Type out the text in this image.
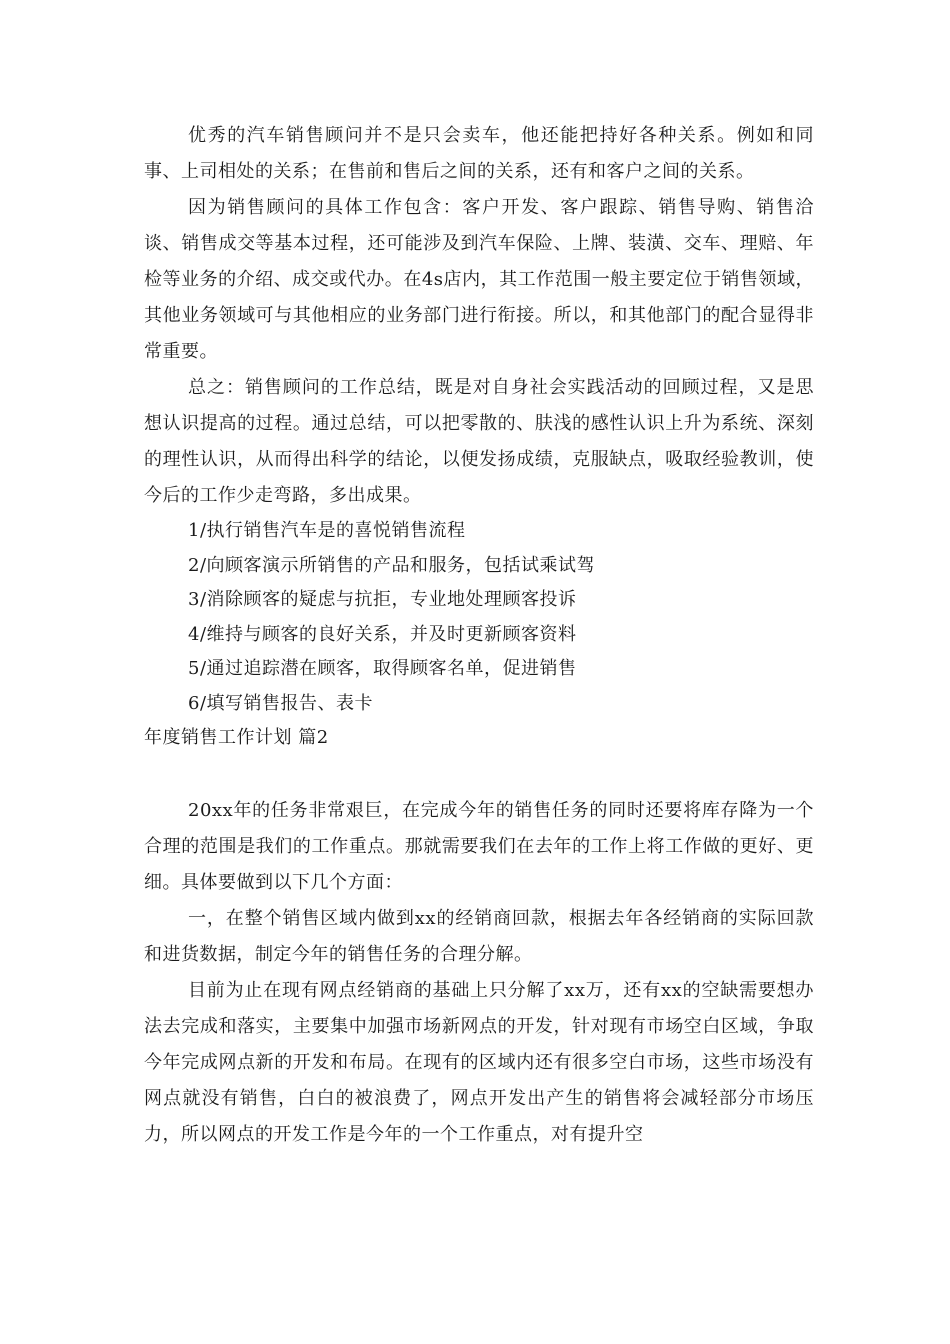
优秀的汽车销售顾问并不是只会卖车，他还能把持好各种关系。例如和同事、上司相处的关系；在售前和售后之间的关系，还有和客户之间的关系。

因为销售顾问的具体工作包含：客户开发、客户跟踪、销售导购、销售洽谈、销售成交等基本过程，还可能涉及到汽车保险、上牌、装潢、交车、理赔、年检等业务的介绍、成交或代办。在4s店内，其工作范围一般主要定位于销售领域，其他业务领域可与其他相应的业务部门进行衔接。所以，和其他部门的配合显得非常重要。

总之：销售顾问的工作总结，既是对自身社会实践活动的回顾过程，又是思想认识提高的过程。通过总结，可以把零散的、肤浅的感性认识上升为系统、深刻的理性认识，从而得出科学的结论，以便发扬成绩，克服缺点，吸取经验教训，使今后的工作少走弯路，多出成果。

1/执行销售汽车是的喜悦销售流程

2/向顾客演示所销售的产品和服务，包括试乘试驾

3/消除顾客的疑虑与抗拒，专业地处理顾客投诉

4/维持与顾客的良好关系，并及时更新顾客资料

5/通过追踪潜在顾客，取得顾客名单，促进销售

6/填写销售报告、表卡

年度销售工作计划 篇2

20xx年的任务非常艰巨，在完成今年的销售任务的同时还要将库存降为一个合理的范围是我们的工作重点。那就需要我们在去年的工作上将工作做的更好、更细。具体要做到以下几个方面：

一，在整个销售区域内做到xx的经销商回款，根据去年各经销商的实际回款和进货数据，制定今年的销售任务的合理分解。

目前为止在现有网点经销商的基础上只分解了xx万，还有xx的空缺需要想办法去完成和落实，主要集中加强市场新网点的开发，针对现有市场空白区域，争取今年完成网点新的开发和布局。在现有的区域内还有很多空白市场，这些市场没有网点就没有销售，白白的被浪费了，网点开发出产生的销售将会减轻部分市场压力，所以网点的开发工作是今年的一个工作重点，对有提升空
